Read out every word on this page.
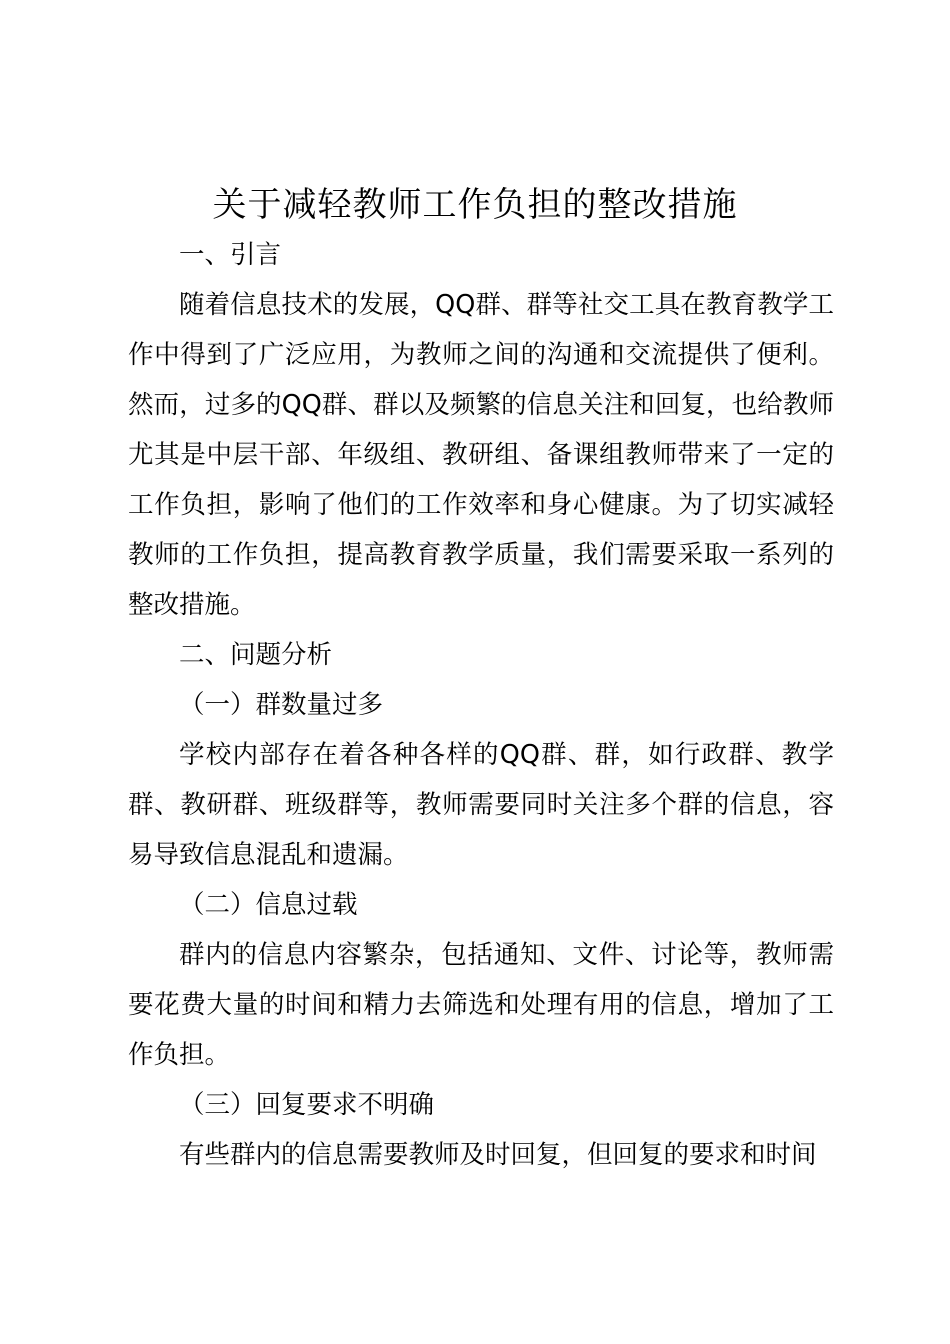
关于减轻教师工作负担的整改措施

一、引言

随着信息技术的发展，QQ群、群等社交工具在教育教学工作中得到了广泛应用，为教师之间的沟通和交流提供了便利。然而，过多的QQ群、群以及频繁的信息关注和回复，也给教师尤其是中层干部、年级组、教研组、备课组教师带来了一定的工作负担，影响了他们的工作效率和身心健康。为了切实减轻教师的工作负担，提高教育教学质量，我们需要采取一系列的整改措施。

二、问题分析

（一）群数量过多

学校内部存在着各种各样的QQ群、群，如行政群、教学群、教研群、班级群等，教师需要同时关注多个群的信息，容易导致信息混乱和遗漏。

（二）信息过载

群内的信息内容繁杂，包括通知、文件、讨论等，教师需要花费大量的时间和精力去筛选和处理有用的信息，增加了工作负担。

（三）回复要求不明确

有些群内的信息需要教师及时回复，但回复的要求和时间
